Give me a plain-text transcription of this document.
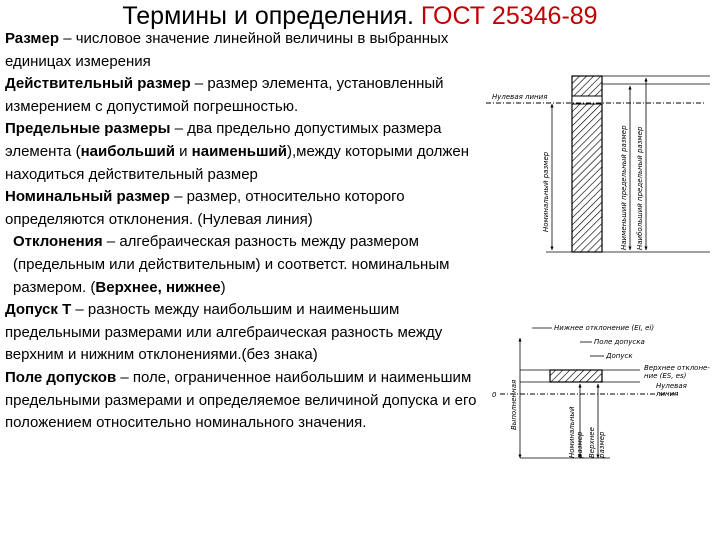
Термины и определения. ГОСТ 25346-89

Размер – числовое значение линейной величины в выбранных единицах измерения

Действительный размер – размер элемента, установленный измерением с допустимой погрешностью.

Предельные размеры – два предельно допустимых размера элемента (наибольший и наименьший),между которыми должен находиться действительный размер

Номинальный размер – размер, относительно которого определяются отклонения. (Нулевая линия)

Отклонения – алгебраическая разность между размером (предельным или действительным) и соответст. номинальным размером. (Верхнее, нижнее)

Допуск Т – разность между наибольшим и наименьшим предельными размерами или алгебраическая разность между верхним и нижним отклонениями.(без знака)

Поле допусков – поле, ограниченное наибольшим и наименьшим предельными размерами и определяемое величиной допуска и его положением относительно номинального значения.

Нулевая линия
Номинальный размер	Наименьший предельный размер Наибольший предельный размер
Нижнее отклонение (EI, ei)
Поле допуска
Допуск
0
Верхнее отклоне-
ние (ES, es)
Нулевая
линия
Выполненная
Номинальный размер Верхнее размер
